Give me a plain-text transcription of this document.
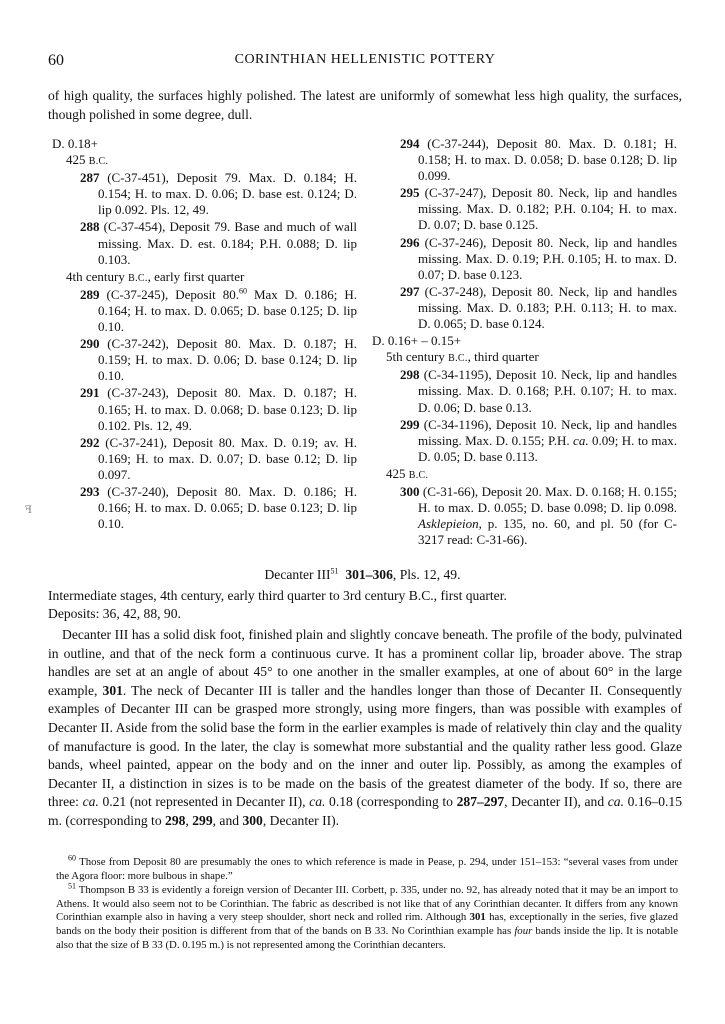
60	CORINTHIAN HELLENISTIC POTTERY

of high quality, the surfaces highly polished. The latest are uniformly of somewhat less high quality, the surfaces, though polished in some degree, dull.

D. 0.18+
425 B.C.
287 (C-37-451), Deposit 79. Max. D. 0.184; H. 0.154; H. to max. D. 0.06; D. base est. 0.124; D. lip 0.092. Pls. 12, 49.
288 (C-37-454), Deposit 79. Base and much of wall missing. Max. D. est. 0.184; P.H. 0.088; D. lip 0.103.
4th century B.C., early first quarter
289 (C-37-245), Deposit 80.60 Max D. 0.186; H. 0.164; H. to max. D. 0.065; D. base 0.125; D. lip 0.10.
290 (C-37-242), Deposit 80. Max. D. 0.187; H. 0.159; H. to max. D. 0.06; D. base 0.124; D. lip 0.10.
291 (C-37-243), Deposit 80. Max. D. 0.187; H. 0.165; H. to max. D. 0.068; D. base 0.123; D. lip 0.102. Pls. 12, 49.
292 (C-37-241), Deposit 80. Max. D. 0.19; av. H. 0.169; H. to max. D. 0.07; D. base 0.12; D. lip 0.097.
293 (C-37-240), Deposit 80. Max. D. 0.186; H. 0.166; H. to max. D. 0.065; D. base 0.123; D. lip 0.10.
294 (C-37-244), Deposit 80. Max. D. 0.181; H. 0.158; H. to max. D. 0.058; D. base 0.128; D. lip 0.099.
295 (C-37-247), Deposit 80. Neck, lip and handles missing. Max. D. 0.182; P.H. 0.104; H. to max. D. 0.07; D. base 0.125.
296 (C-37-246), Deposit 80. Neck, lip and handles missing. Max. D. 0.19; P.H. 0.105; H. to max. D. 0.07; D. base 0.123.
297 (C-37-248), Deposit 80. Neck, lip and handles missing. Max. D. 0.183; P.H. 0.113; H. to max. D. 0.065; D. base 0.124.
D. 0.16+ – 0.15+
5th century B.C., third quarter
298 (C-34-1195), Deposit 10. Neck, lip and handles missing. Max. D. 0.168; P.H. 0.107; H. to max. D. 0.06; D. base 0.13.
299 (C-34-1196), Deposit 10. Neck, lip and handles missing. Max. D. 0.155; P.H. ca. 0.09; H. to max. D. 0.05; D. base 0.113.
425 B.C.
300 (C-31-66), Deposit 20. Max. D. 0.168; H. 0.155; H. to max. D. 0.055; D. base 0.098; D. lip 0.098. Asklepieion, p. 135, no. 60, and pl. 50 (for C-3217 read: C-31-66).
ꟻ
Decanter III$^{51}$ 301–306, Pls. 12, 49.

Intermediate stages, 4th century, early third quarter to 3rd century B.C., first quarter.

Deposits: 36, 42, 88, 90.

Decanter III has a solid disk foot, finished plain and slightly concave beneath. The profile of the body, pulvinated in outline, and that of the neck form a continuous curve. It has a prominent collar lip, broader above. The strap handles are set at an angle of about 45° to one another in the smaller examples, at one of about 60° in the large example, 301. The neck of Decanter III is taller and the handles longer than those of Decanter II. Consequently examples of Decanter III can be grasped more strongly, using more fingers, than was possible with examples of Decanter II. Aside from the solid base the form in the earlier examples is made of relatively thin clay and the quality of manufacture is good. In the later, the clay is somewhat more substantial and the quality rather less good. Glaze bands, wheel painted, appear on the body and on the inner and outer lip. Possibly, as among the examples of Decanter II, a distinction in sizes is to be made on the basis of the greatest diameter of the body. If so, there are three: ca. 0.21 (not represented in Decanter II), ca. 0.18 (corresponding to 287–297, Decanter II), and ca. 0.16–0.15 m. (corresponding to 298, 299, and 300, Decanter II).

$^{60}$ Those from Deposit 80 are presumably the ones to which reference is made in Pease, p. 294, under 151–153: “several vases from under the Agora floor: more bulbous in shape.”

$^{51}$ Thompson B 33 is evidently a foreign version of Decanter III. Corbett, p. 335, under no. 92, has already noted that it may be an import to Athens. It would also seem not to be Corinthian. The fabric as described is not like that of any Corinthian decanter. It differs from any known Corinthian example also in having a very steep shoulder, short neck and rolled rim. Although 301 has, exceptionally in the series, five glazed bands on the body their position is different from that of the bands on B 33. No Corinthian example has four bands inside the lip. It is notable also that the size of B 33 (D. 0.195 m.) is not represented among the Corinthian decanters.
